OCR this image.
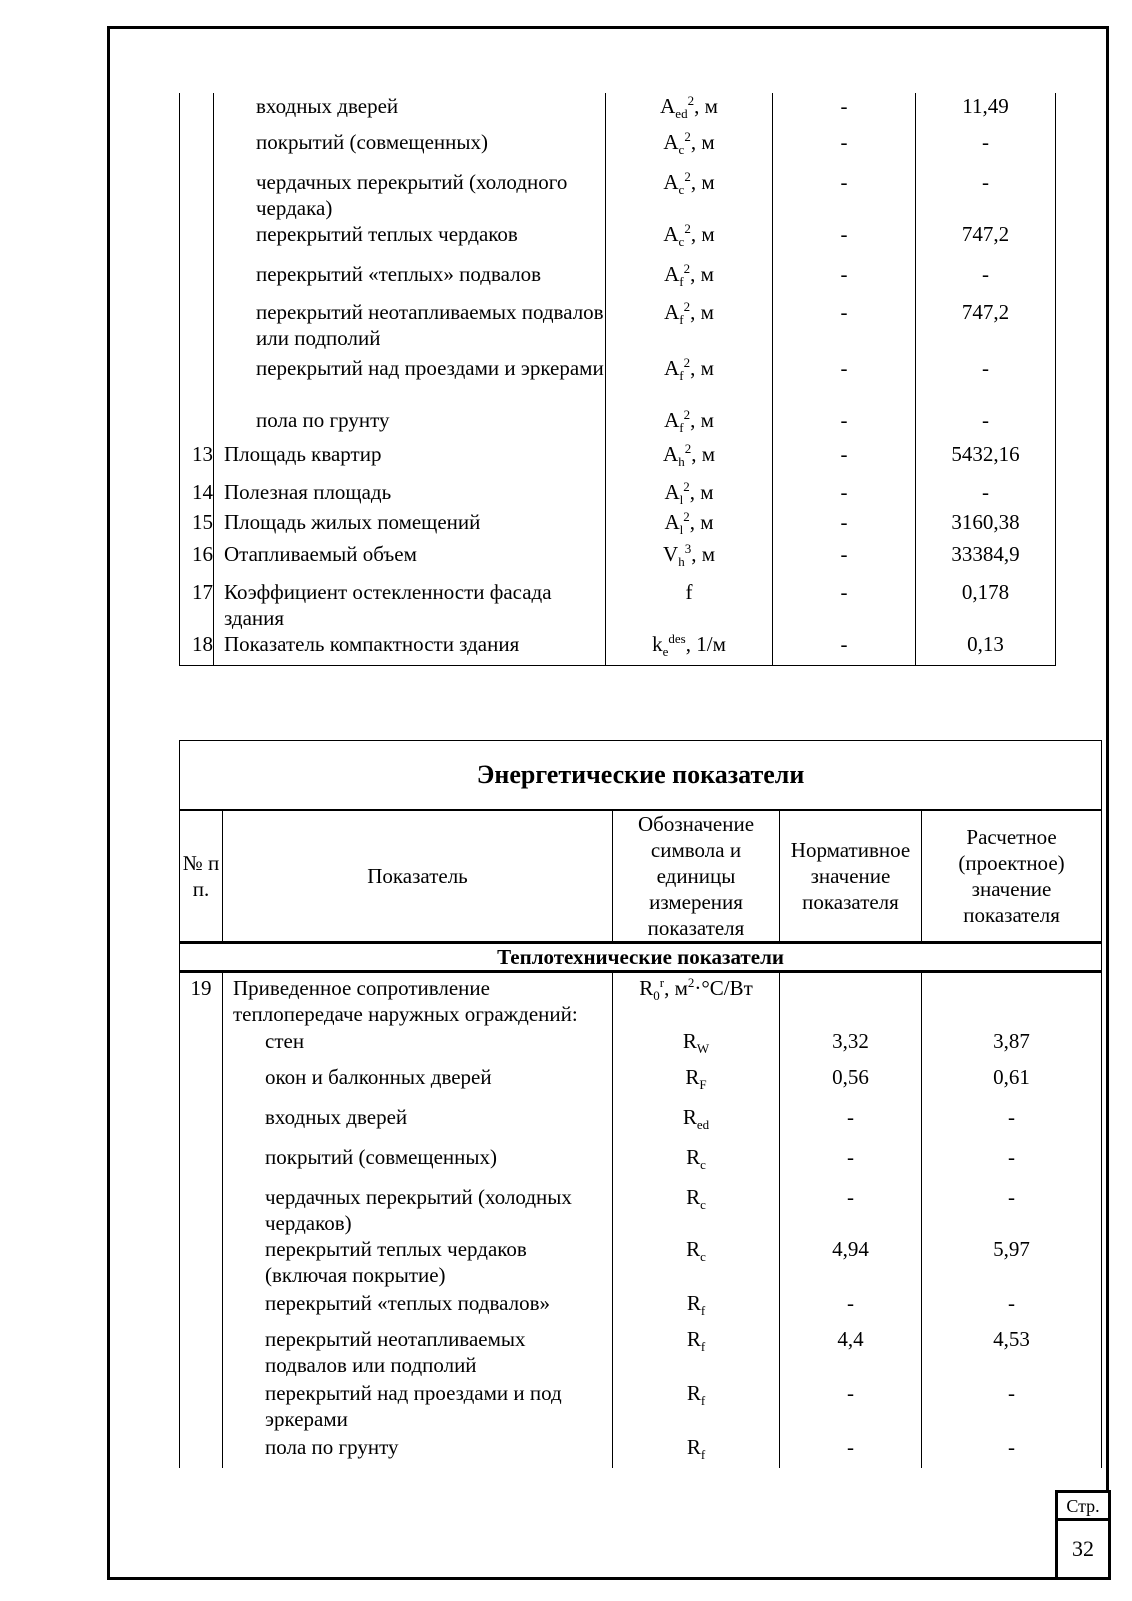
	входных дверей	$A_{ed}^2$, м	-	11,49
	покрытий (совмещенных)	$A_c^2$, м	-	-
	чердачных перекрытий (холодного чердака)	$A_c^2$, м	-	-
	перекрытий теплых чердаков	$A_c^2$, м	-	747,2
	перекрытий «теплых» подвалов	$A_f^2$, м	-	-
	перекрытий неотапливаемых подвалов или подполий	$A_f^2$, м	-	747,2
	перекрытий над проездами и эркерами	$A_f^2$, м	-	-
	пола по грунту	$A_f^2$, м	-	-
13	Площадь квартир	$A_h^2$, м	-	5432,16
14	Полезная площадь	$A_l^2$, м	-	-
15	Площадь жилых помещений	$A_l^2$, м	-	3160,38
16	Отапливаемый объем	$V_h^3$, м	-	33384,9
17	Коэффициент остекленности фасада здания	f	-	0,178
18	Показатель компактности здания	$k_e^{des}$, 1/м	-	0,13
Энергетические показатели				
№ п п.	Показатель	Обозначение символа и единицы измерения показателя	Нормативное значение показателя	Расчетное (проектное) значение показателя
Теплотехнические показатели				
19	Приведенное сопротивление теплопередаче наружных ограждений:	$R_0^r$, $м^2\cdot^\circ С/Вт$		
	стен	$R_W$	3,32	3,87
	окон и балконных дверей	$R_F$	0,56	0,61
	входных дверей	$R_{ed}$	-	-
	покрытий (совмещенных)	$R_c$	-	-
	чердачных перекрытий (холодных чердаков)	$R_c$	-	-
	перекрытий теплых чердаков (включая покрытие)	$R_c$	4,94	5,97
	перекрытий «теплых подвалов»	$R_f$	-	-
	перекрытий неотапливаемых подвалов или подполий	$R_f$	4,4	4,53
	перекрытий над проездами и под эркерами	$R_f$	-	-
	пола по грунту	$R_f$	-	-
Стр.
32
